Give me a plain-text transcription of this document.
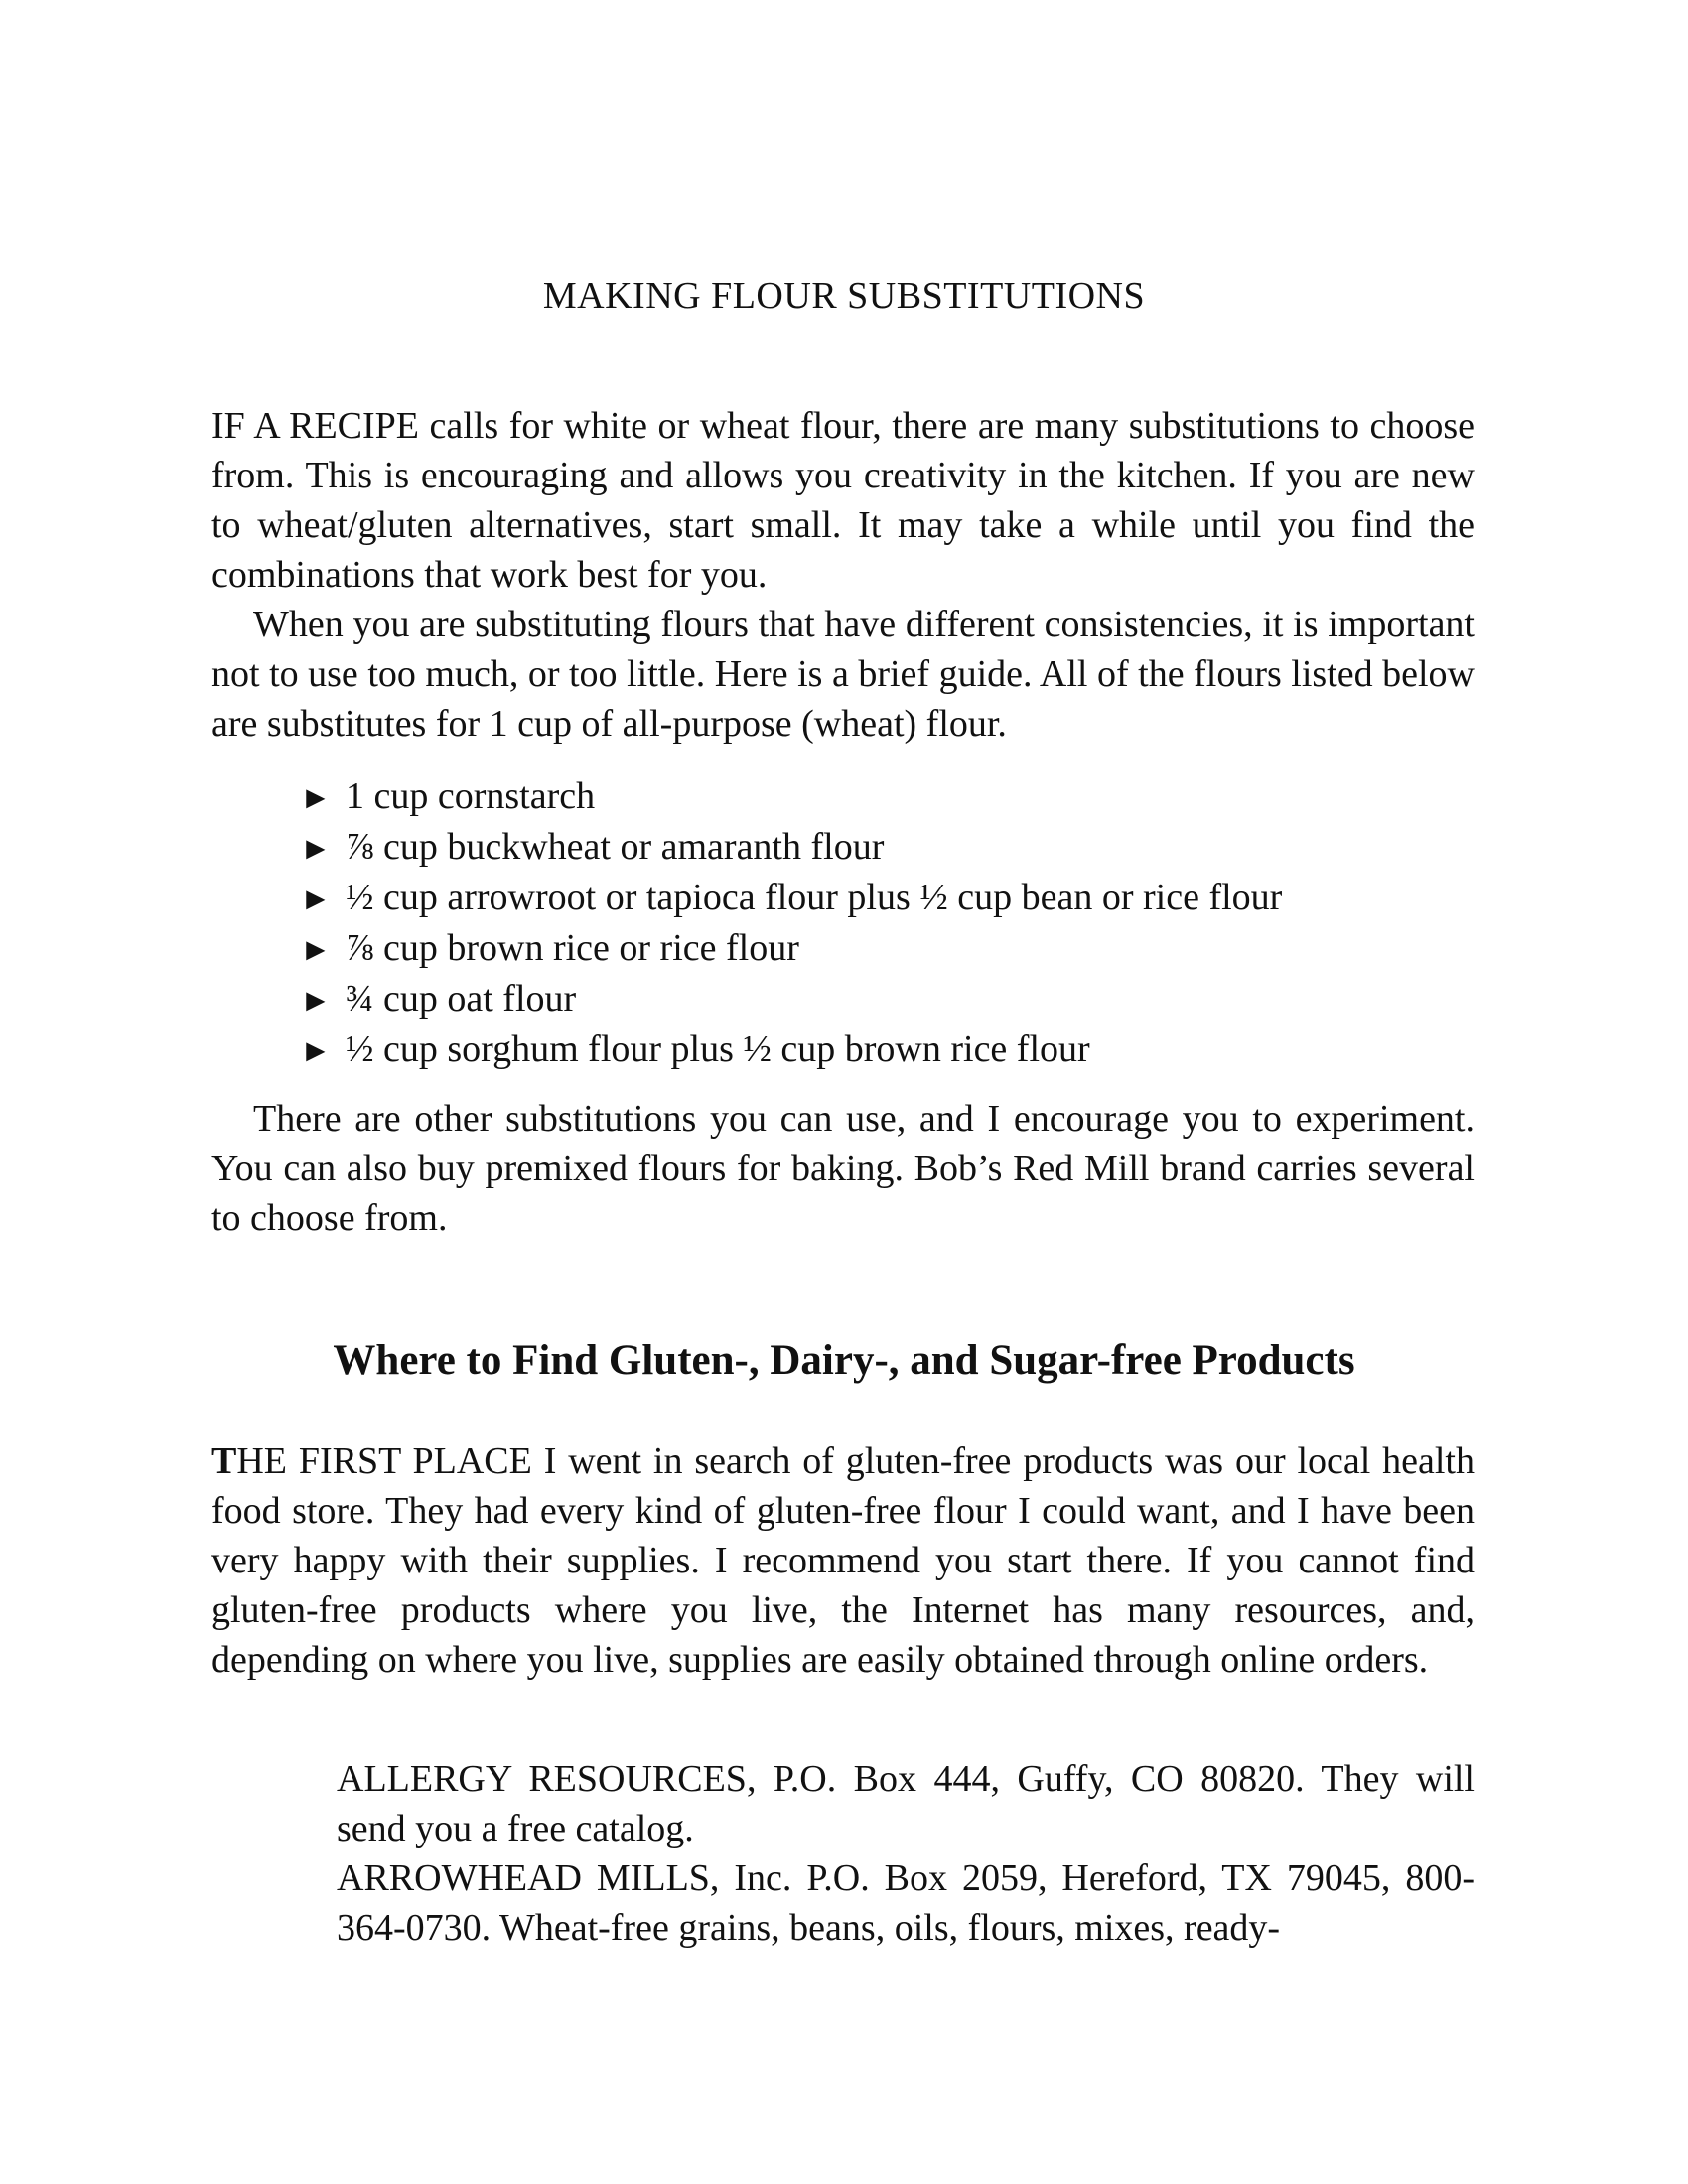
MAKING FLOUR SUBSTITUTIONS

IF A RECIPE calls for white or wheat flour, there are many substitutions to choose from. This is encouraging and allows you creativity in the kitchen. If you are new to wheat/gluten alternatives, start small. It may take a while until you find the combinations that work best for you.

When you are substituting flours that have different consistencies, it is important not to use too much, or too little. Here is a brief guide. All of the flours listed below are substitutes for 1 cup of all-purpose (wheat) flour.

► 1 cup cornstarch
► ⅞ cup buckwheat or amaranth flour
► ½ cup arrowroot or tapioca flour plus ½ cup bean or rice flour
► ⅞ cup brown rice or rice flour
► ¾ cup oat flour
► ½ cup sorghum flour plus ½ cup brown rice flour

There are other substitutions you can use, and I encourage you to experiment. You can also buy premixed flours for baking. Bob’s Red Mill brand carries several to choose from.

Where to Find Gluten-, Dairy-, and Sugar-free Products

THE FIRST PLACE I went in search of gluten-free products was our local health food store. They had every kind of gluten-free flour I could want, and I have been very happy with their supplies. I recommend you start there. If you cannot find gluten-free products where you live, the Internet has many resources, and, depending on where you live, supplies are easily obtained through online orders.

ALLERGY RESOURCES, P.O. Box 444, Guffy, CO 80820. They will send you a free catalog.

ARROWHEAD MILLS, Inc. P.O. Box 2059, Hereford, TX 79045, 800-364-0730. Wheat-free grains, beans, oils, flours, mixes, ready-
